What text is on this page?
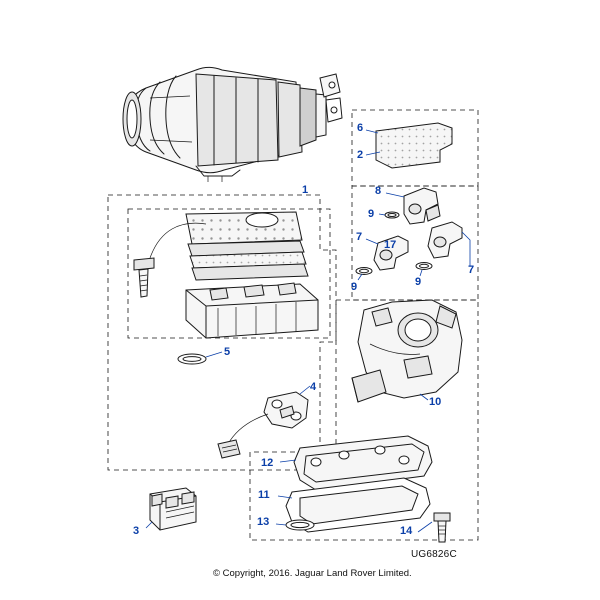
1
2
3
4
5
6
7
7
8
9
9	9
10
11
12
13
14
17
UG6826C
© Copyright, 2016. Jaguar Land Rover Limited.
